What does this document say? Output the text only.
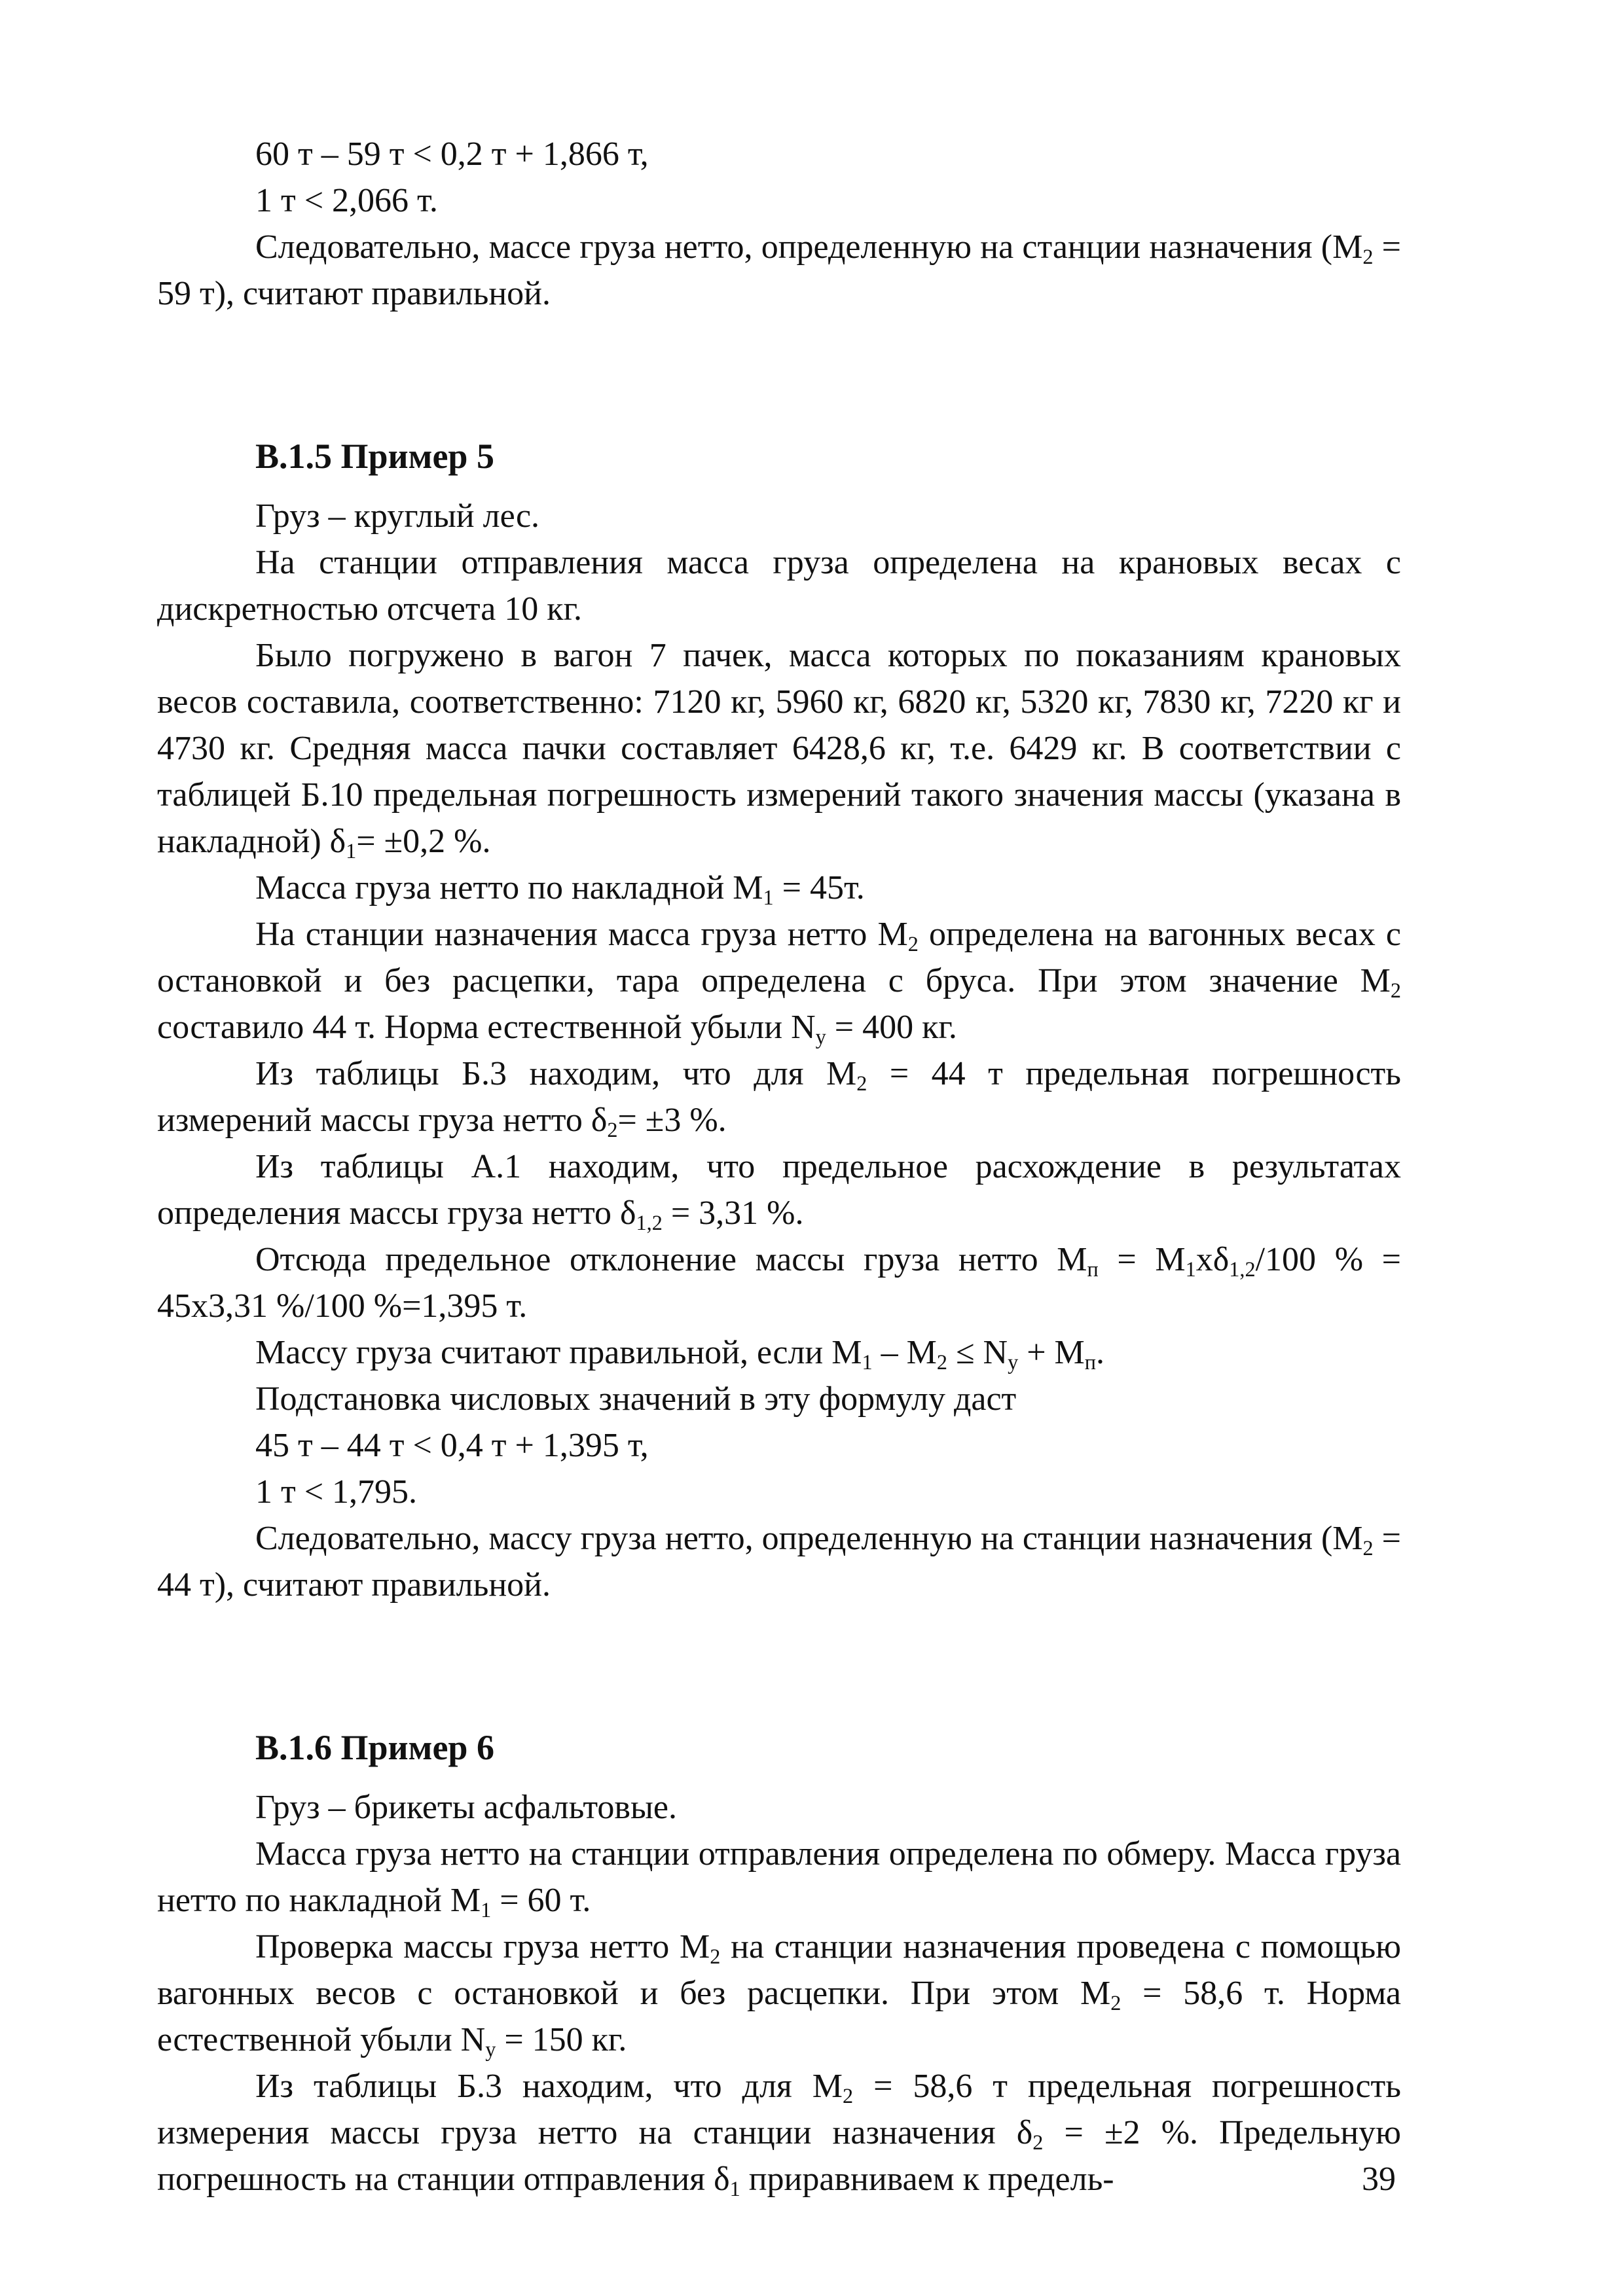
60 т – 59 т < 0,2 т + 1,866 т,

1 т < 2,066 т.

Следовательно, массе груза нетто, определенную на станции назначения ($M_2 = 59$ т), считают правильной.

В.1.5 Пример 5

Груз – круглый лес.

На станции отправления масса груза определена на крановых весах с дискретностью отсчета 10 кг.

Было погружено в вагон 7 пачек, масса которых по показаниям крановых весов составила, соответственно: 7120 кг, 5960 кг, 6820 кг, 5320 кг, 7830 кг, 7220 кг и 4730 кг. Средняя масса пачки составляет 6428,6 кг, т.е. 6429 кг. В соответствии с таблицей Б.10 предельная погрешность измерений такого значения массы (указана в накладной) $\delta_1= \pm 0,2$ %.

Масса груза нетто по накладной $M_1 = 45т$.

На станции назначения масса груза нетто $M_2$ определена на вагонных весах с остановкой и без расцепки, тара определена с бруса. При этом значение $M_2$ составило 44 т. Норма естественной убыли $N_y = 400$ кг.

Из таблицы Б.3 находим, что для $M_2 = 44$ т предельная погрешность измерений массы груза нетто $\delta_2= \pm 3$ %.

Из таблицы А.1 находим, что предельное расхождение в результатах определения массы груза нетто $\delta_{1,2} = 3,31$ %.

Отсюда предельное отклонение массы груза нетто $M_п = M_1x\delta_{1,2}/100$ % = 45x3,31 %/100 %=1,395 т.

Массу груза считают правильной, если $M_1 - M_2 \le N_y + M_п$.

Подстановка числовых значений в эту формулу даст

45 т – 44 т < 0,4 т + 1,395 т,

1 т < 1,795.

Следовательно, массу груза нетто, определенную на станции назначения ($M_2 = 44$ т), считают правильной.

В.1.6 Пример 6

Груз – брикеты асфальтовые.

Масса груза нетто на станции отправления определена по обмеру. Масса груза нетто по накладной $M_1 = 60$ т.

Проверка массы груза нетто $M_2$ на станции назначения проведена с помощью вагонных весов с остановкой и без расцепки. При этом $M_2 = 58,6$ т. Норма естественной убыли $N_y = 150$ кг.

Из таблицы Б.3 находим, что для $M_2 = 58,6$ т предельная погрешность измерения массы груза нетто на станции назначения $\delta_2 = \pm 2$ %. Предельную погрешность на станции отправления $\delta_1$ приравниваем к предель-	39
